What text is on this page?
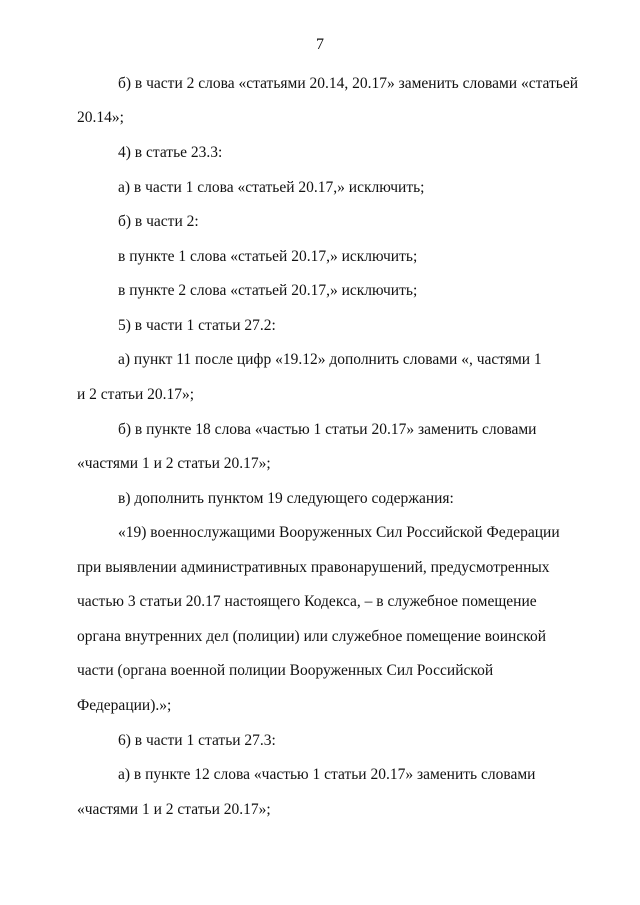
7
б) в части 2 слова «статьями 20.14, 20.17» заменить словами «статьей
20.14»;
4) в статье 23.3:
а) в части 1 слова «статьей 20.17,» исключить;
б) в части 2:
в пункте 1 слова «статьей 20.17,» исключить;
в пункте 2 слова «статьей 20.17,» исключить;
5) в части 1 статьи 27.2:
а) пункт 11 после цифр «19.12» дополнить словами «, частями 1
и 2 статьи 20.17»;
б) в пункте 18 слова «частью 1 статьи 20.17» заменить словами
«частями 1 и 2 статьи 20.17»;
в) дополнить пунктом 19 следующего содержания:
«19) военнослужащими Вооруженных Сил Российской Федерации
при выявлении административных правонарушений, предусмотренных
частью 3 статьи 20.17 настоящего Кодекса, – в служебное помещение
органа внутренних дел (полиции) или служебное помещение воинской
части (органа военной полиции Вооруженных Сил Российской
Федерации).»;
6) в части 1 статьи 27.3:
а) в пункте 12 слова «частью 1 статьи 20.17» заменить словами
«частями 1 и 2 статьи 20.17»;
